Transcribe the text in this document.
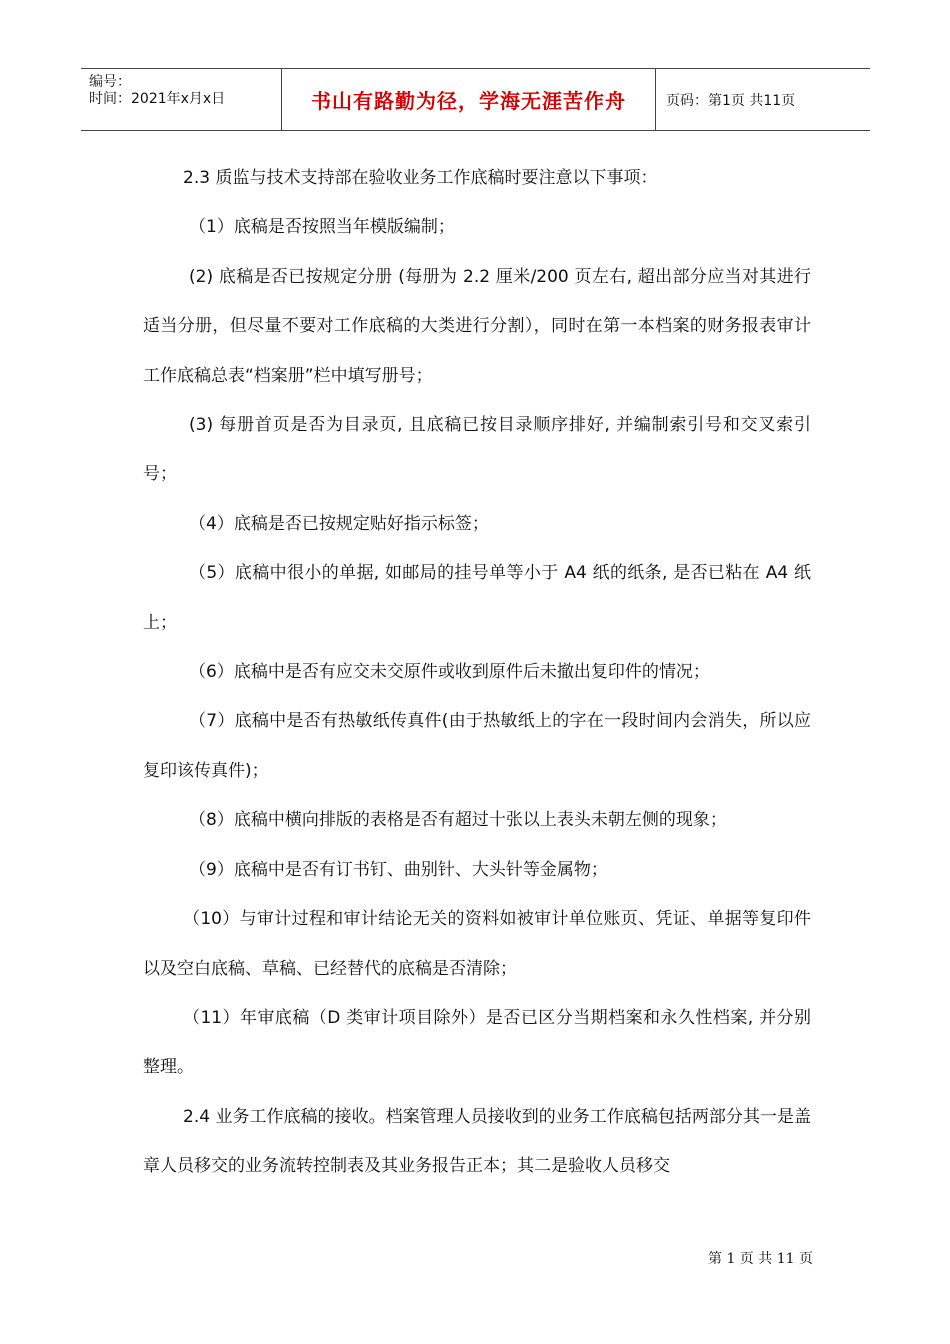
编号：
时间：2021年x月x日	书山有路勤为径，学海无涯苦作舟	页码：第1页 共11页

2.3 质监与技术支持部在验收业务工作底稿时要注意以下事项：

（1）底稿是否按照当年模版编制；

(2) 底稿是否已按规定分册 (每册为 2.2 厘米/200 页左右, 超出部分应当对其进行适当分册，但尽量不要对工作底稿的大类进行分割），同时在第一本档案的财务报表审计工作底稿总表“档案册”栏中填写册号；

(3) 每册首页是否为目录页, 且底稿已按目录顺序排好, 并编制索引号和交叉索引号；

（4）底稿是否已按规定贴好指示标签；

（5）底稿中很小的单据, 如邮局的挂号单等小于 A4 纸的纸条, 是否已粘在 A4 纸上；

（6）底稿中是否有应交未交原件或收到原件后未撤出复印件的情况；

（7）底稿中是否有热敏纸传真件(由于热敏纸上的字在一段时间内会消失，所以应复印该传真件)；

（8）底稿中横向排版的表格是否有超过十张以上表头未朝左侧的现象；

（9）底稿中是否有订书钉、曲别针、大头针等金属物；

（10）与审计过程和审计结论无关的资料如被审计单位账页、凭证、单据等复印件以及空白底稿、草稿、已经替代的底稿是否清除；

（11）年审底稿（D 类审计项目除外）是否已区分当期档案和永久性档案, 并分别整理。

2.4 业务工作底稿的接收。档案管理人员接收到的业务工作底稿包括两部分其一是盖章人员移交的业务流转控制表及其业务报告正本；其二是验收人员移交

第 1 页 共 11 页
